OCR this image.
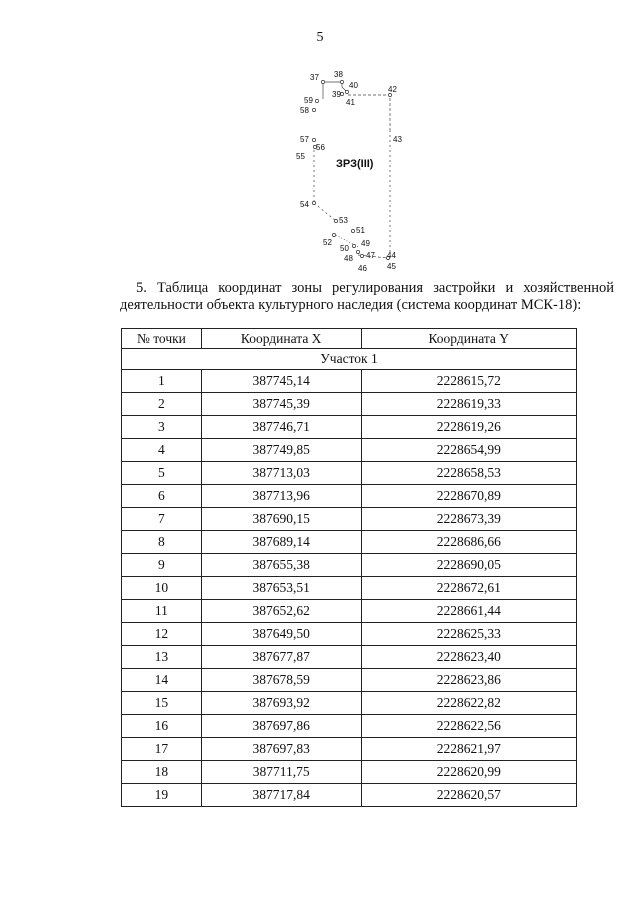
5
37 38
40
39
41
42
59
58
43
57
56
55
ЗРЗ(III)
54
53
51
52
50
49
48 47
46
44
45
5. Таблица координат зоны регулирования застройки и хозяйственной
деятельности объекта культурного наследия (система координат МСК-18):
№ точки	Координата X	Координата Y
Участок 1		
1	387745,14	2228615,72
2	387745,39	2228619,33
3	387746,71	2228619,26
4	387749,85	2228654,99
5	387713,03	2228658,53
6	387713,96	2228670,89
7	387690,15	2228673,39
8	387689,14	2228686,66
9	387655,38	2228690,05
10	387653,51	2228672,61
11	387652,62	2228661,44
12	387649,50	2228625,33
13	387677,87	2228623,40
14	387678,59	2228623,86
15	387693,92	2228622,82
16	387697,86	2228622,56
17	387697,83	2228621,97
18	387711,75	2228620,99
19	387717,84	2228620,57
